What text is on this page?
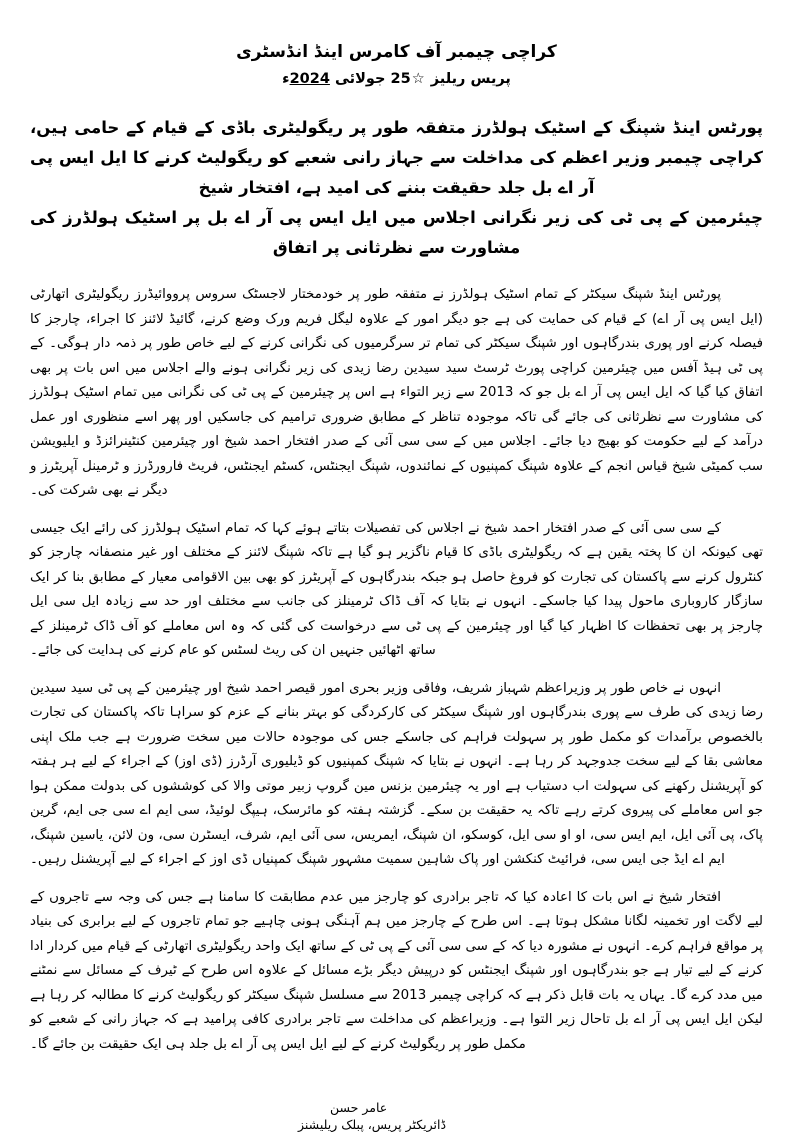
کراچی چیمبر آف کامرس اینڈ انڈسٹری
پریس ریلیز ☆25 جولائی 2024ء

پورٹس اینڈ شپنگ کے اسٹیک ہولڈرز متفقہ طور پر ریگولیٹری باڈی کے قیام کے حامی ہیں، کراچی چیمبر وزیر اعظم کی مداخلت سے جہاز رانی شعبے کو ریگولیٹ کرنے کا ایل ایس پی آر اے بل جلد حقیقت بننے کی امید ہے، افتخار شیخ

چیئرمین کے پی ٹی کی زیر نگرانی اجلاس میں ایل ایس پی آر اے بل پر اسٹیک ہولڈرز کی مشاورت سے نظرثانی پر اتفاق

پورٹس اینڈ شپنگ سیکٹر کے تمام اسٹیک ہولڈرز نے متفقہ طور پر خودمختار لاجسٹک سروس پرووائیڈرز ریگولیٹری اتھارٹی (ایل ایس پی آر اے) کے قیام کی حمایت کی ہے جو دیگر امور کے علاوہ لیگل فریم ورک وضع کرنے، گائیڈ لائنز کا اجراء، چارجز کا فیصلہ کرنے اور پوری بندرگاہوں اور شپنگ سیکٹر کی تمام تر سرگرمیوں کی نگرانی کرنے کے لیے خاص طور پر ذمہ دار ہوگی۔ کے پی ٹی ہیڈ آفس میں چیئرمین کراچی پورٹ ٹرسٹ سید سیدین رضا زیدی کی زیر نگرانی ہونے والے اجلاس میں اس بات پر بھی اتفاق کیا گیا کہ ایل ایس پی آر اے بل جو کہ 2013 سے زیر التواء ہے اس پر چیئرمین کے پی ٹی کی نگرانی میں تمام اسٹیک ہولڈرز کی مشاورت سے نظرثانی کی جائے گی تاکہ موجودہ تناظر کے مطابق ضروری ترامیم کی جاسکیں اور پھر اسے منظوری اور عمل درآمد کے لیے حکومت کو بھیج دیا جائے۔ اجلاس میں کے سی سی آئی کے صدر افتخار احمد شیخ اور چیئرمین کنٹینرائزڈ و ایلیویشن سب کمیٹی شیخ قیاس انجم کے علاوہ شپنگ کمپنیوں کے نمائندوں، شپنگ ایجنٹس، کسٹم ایجنٹس، فریٹ فارورڈرز و ٹرمینل آپریٹرز و دیگر نے بھی شرکت کی۔

کے سی سی آئی کے صدر افتخار احمد شیخ نے اجلاس کی تفصیلات بتاتے ہوئے کہا کہ تمام اسٹیک ہولڈرز کی رائے ایک جیسی تھی کیونکہ ان کا پختہ یقین ہے کہ ریگولیٹری باڈی کا قیام ناگزیر ہو گیا ہے تاکہ شپنگ لائنز کے مختلف اور غیر منصفانہ چارجز کو کنٹرول کرنے سے پاکستان کی تجارت کو فروغ حاصل ہو جبکہ بندرگاہوں کے آپریٹرز کو بھی بین الاقوامی معیار کے مطابق بنا کر ایک سازگار کاروباری ماحول پیدا کیا جاسکے۔ انہوں نے بتایا کہ آف ڈاک ٹرمینلز کی جانب سے مختلف اور حد سے زیادہ ایل سی ایل چارجز پر بھی تحفظات کا اظہار کیا گیا اور چیئرمین کے پی ٹی سے درخواست کی گئی کہ وہ اس معاملے کو آف ڈاک ٹرمینلز کے ساتھ اٹھائیں جنہیں ان کی ریٹ لسٹس کو عام کرنے کی ہدایت کی جائے۔

انہوں نے خاص طور پر وزیراعظم شہباز شریف، وفاقی وزیر بحری امور قیصر احمد شیخ اور چیئرمین کے پی ٹی سید سیدین رضا زیدی کی طرف سے پوری بندرگاہوں اور شپنگ سیکٹر کی کارکردگی کو بہتر بنانے کے عزم کو سراہا تاکہ پاکستان کی تجارت بالخصوص برآمدات کو مکمل طور پر سہولت فراہم کی جاسکے جس کی موجودہ حالات میں سخت ضرورت ہے جب ملک اپنی معاشی بقا کے لیے سخت جدوجہد کر رہا ہے۔ انہوں نے بتایا کہ شپنگ کمپنیوں کو ڈیلیوری آرڈرز (ڈی اوز) کے اجراء کے لیے ہر ہفتہ کو آپریشنل رکھنے کی سہولت اب دستیاب ہے اور یہ چیئرمین بزنس مین گروپ زبیر موتی والا کی کوششوں کی بدولت ممکن ہوا جو اس معاملے کی پیروی کرتے رہے تاکہ یہ حقیقت بن سکے۔ گزشتہ ہفتہ کو مائرسک، ہیپگ لوئیڈ، سی ایم اے سی جی ایم، گرین پاک، پی آئی ایل، ایم ایس سی، او او سی ایل، کوسکو، ان شپنگ، ایمریس، سی آئی ایم، شرف، ایسٹرن سی، ون لائن، یاسین شپنگ، ایم اے ایڈ جی ایس سی، فرائیٹ کنکشن اور پاک شاہین سمیت مشہور شپنگ کمپنیاں ڈی اوز کے اجراء کے لیے آپریشنل رہیں۔

افتخار شیخ نے اس بات کا اعادہ کیا کہ تاجر برادری کو چارجز میں عدم مطابقت کا سامنا ہے جس کی وجہ سے تاجروں کے لیے لاگت اور تخمینہ لگانا مشکل ہوتا ہے۔ اس طرح کے چارجز میں ہم آہنگی ہونی چاہیے جو تمام تاجروں کے لیے برابری کی بنیاد پر مواقع فراہم کرے۔ انہوں نے مشورہ دیا کہ کے سی سی آئی کے پی ٹی کے ساتھ ایک واحد ریگولیٹری اتھارٹی کے قیام میں کردار ادا کرنے کے لیے تیار ہے جو بندرگاہوں اور شپنگ ایجنٹس کو درپیش دیگر بڑے مسائل کے علاوہ اس طرح کے ٹیرف کے مسائل سے نمٹنے میں مدد کرے گا۔ یہاں یہ بات قابل ذکر ہے کہ کراچی چیمبر 2013 سے مسلسل شپنگ سیکٹر کو ریگولیٹ کرنے کا مطالبہ کر رہا ہے لیکن ایل ایس پی آر اے بل تاحال زیر التوا ہے۔ وزیراعظم کی مداخلت سے تاجر برادری کافی پرامید ہے کہ جہاز رانی کے شعبے کو مکمل طور پر ریگولیٹ کرنے کے لیے ایل ایس پی آر اے بل جلد ہی ایک حقیقت بن جائے گا۔

عامر حسن
ڈائریکٹر پریس، پبلک ریلیشنز
